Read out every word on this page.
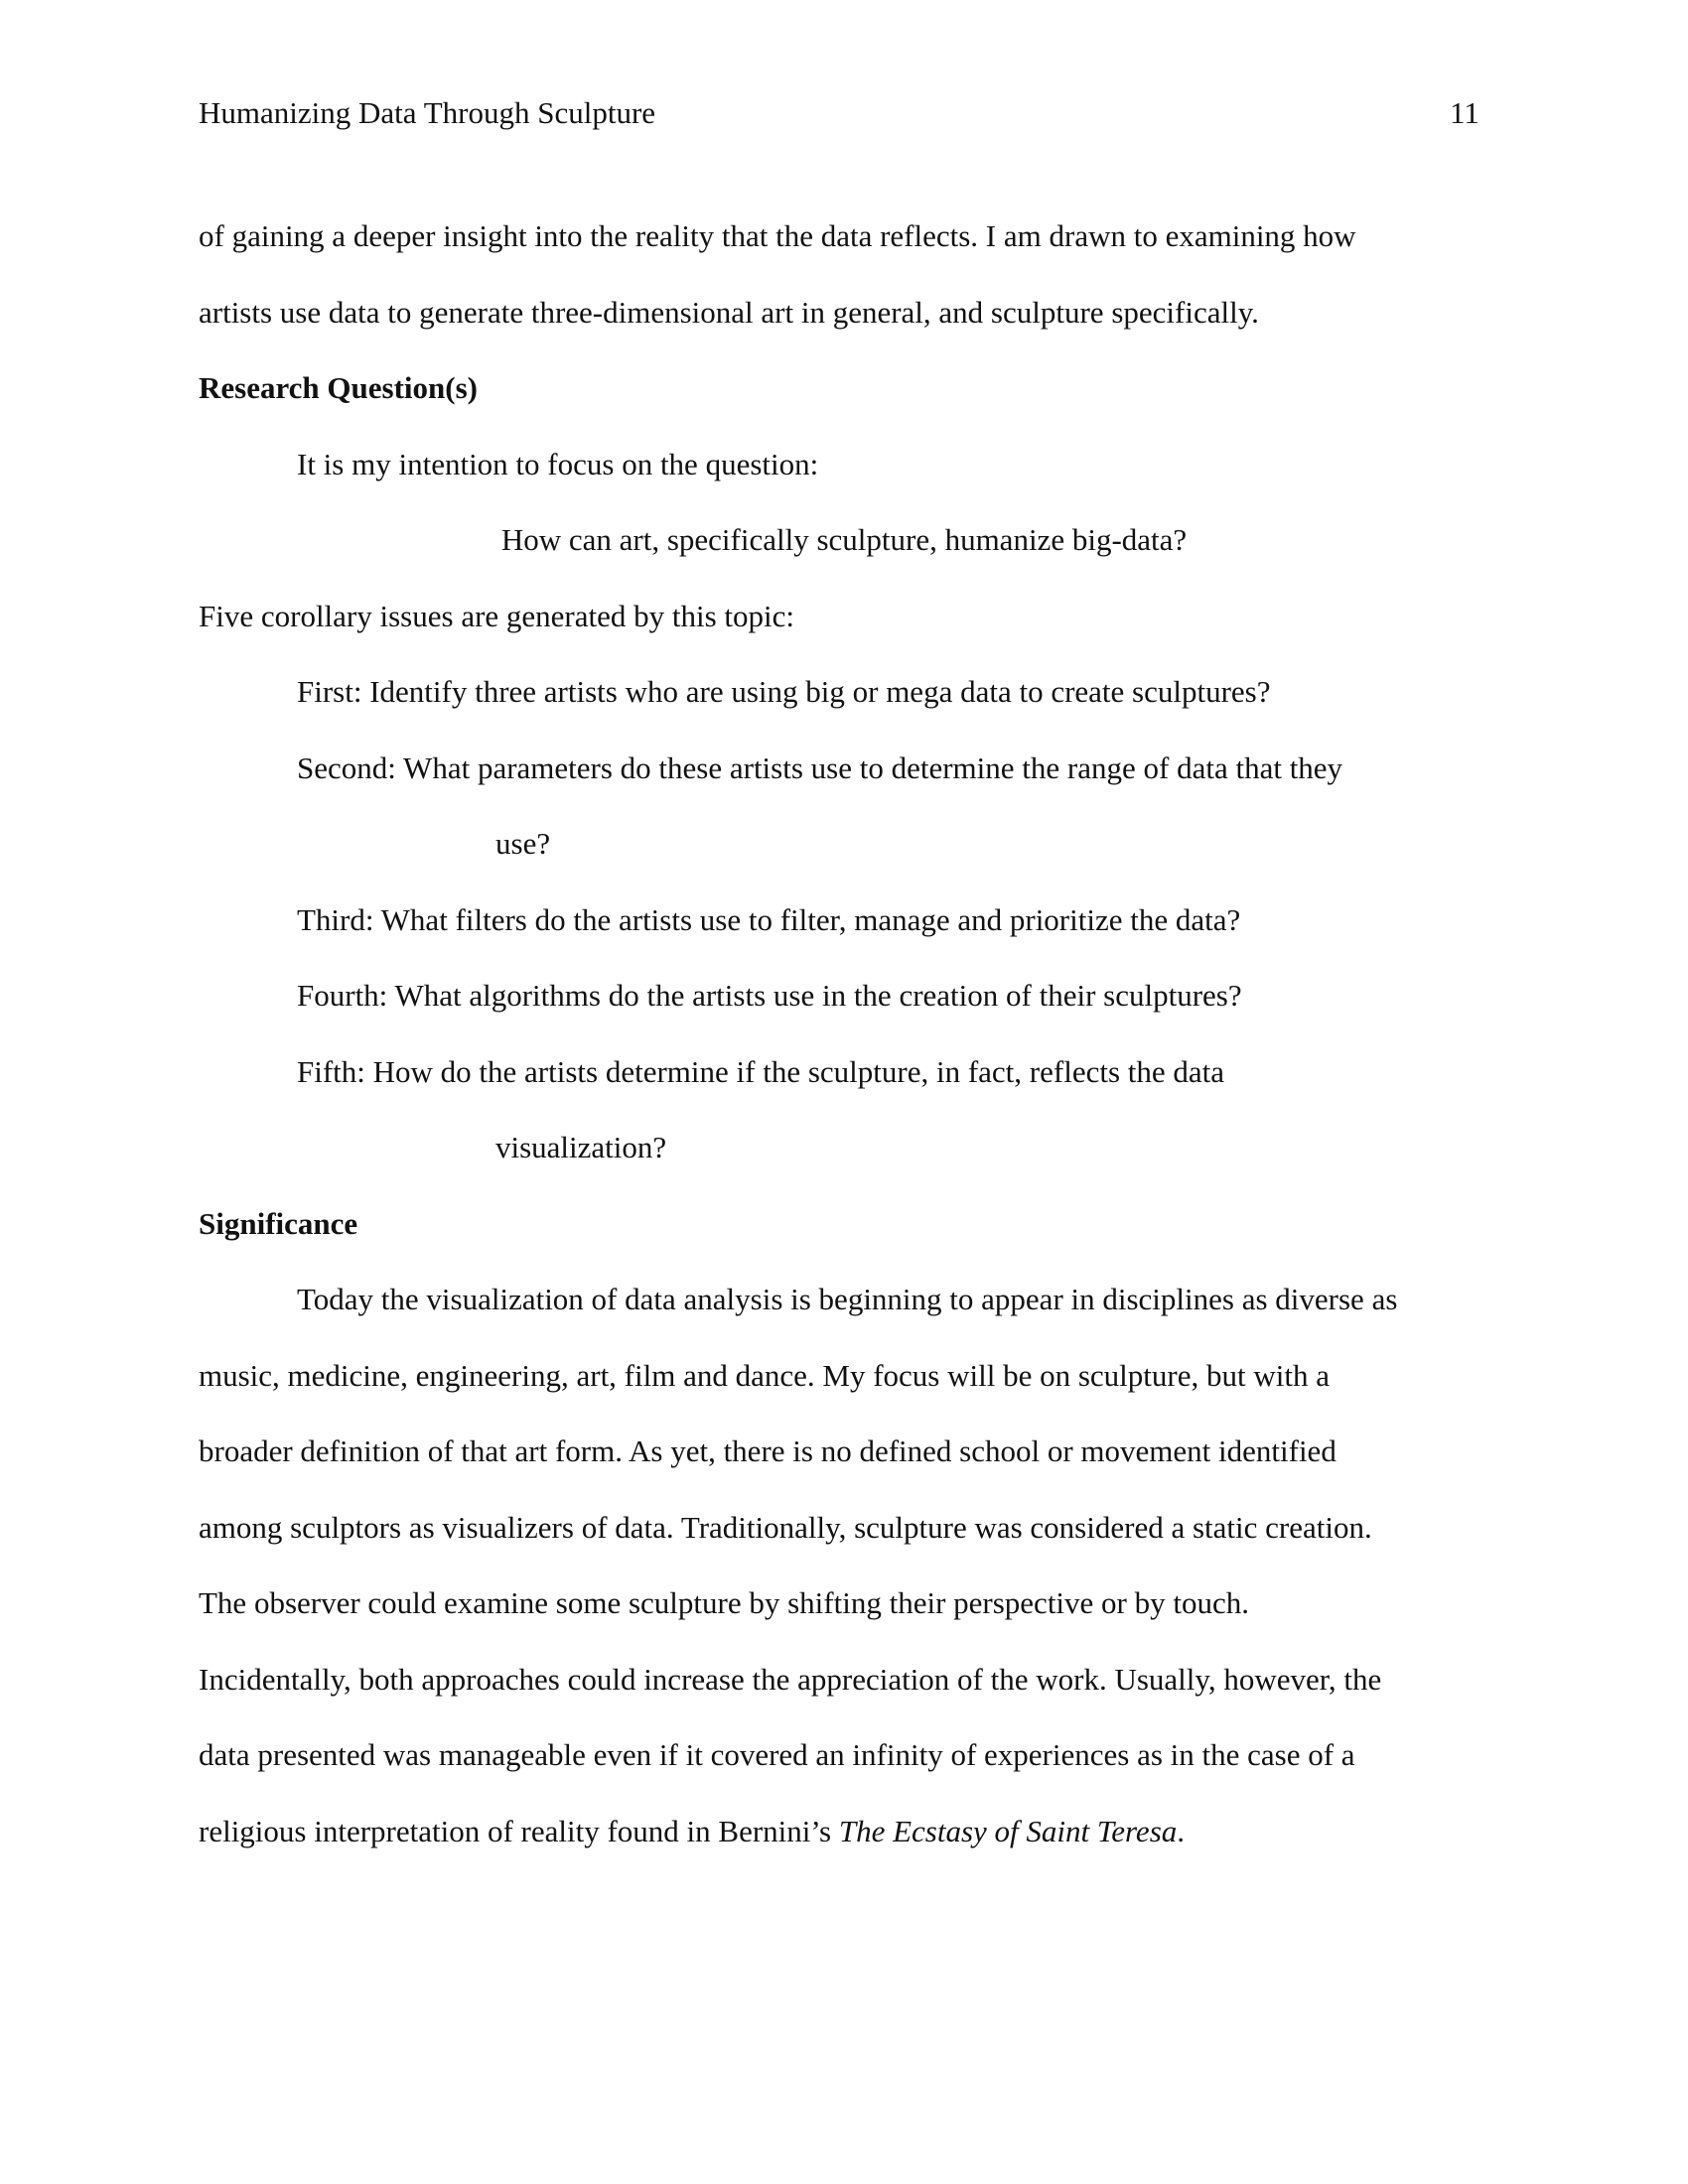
Humanizing Data Through Sculpture	11
of gaining a deeper insight into the reality that the data reflects. I am drawn to examining how
artists use data to generate three-dimensional art in general, and sculpture specifically.
Research Question(s)
It is my intention to focus on the question:
How can art, specifically sculpture, humanize big-data?
Five corollary issues are generated by this topic:
First: Identify three artists who are using big or mega data to create sculptures?
Second: What parameters do these artists use to determine the range of data that they
use?
Third: What filters do the artists use to filter, manage and prioritize the data?
Fourth: What algorithms do the artists use in the creation of their sculptures?
Fifth: How do the artists determine if the sculpture, in fact, reflects the data
visualization?
Significance
Today the visualization of data analysis is beginning to appear in disciplines as diverse as
music, medicine, engineering, art, film and dance. My focus will be on sculpture, but with a
broader definition of that art form. As yet, there is no defined school or movement identified
among sculptors as visualizers of data. Traditionally, sculpture was considered a static creation.
The observer could examine some sculpture by shifting their perspective or by touch.
Incidentally, both approaches could increase the appreciation of the work. Usually, however, the
data presented was manageable even if it covered an infinity of experiences as in the case of a
religious interpretation of reality found in Bernini’s The Ecstasy of Saint Teresa.
